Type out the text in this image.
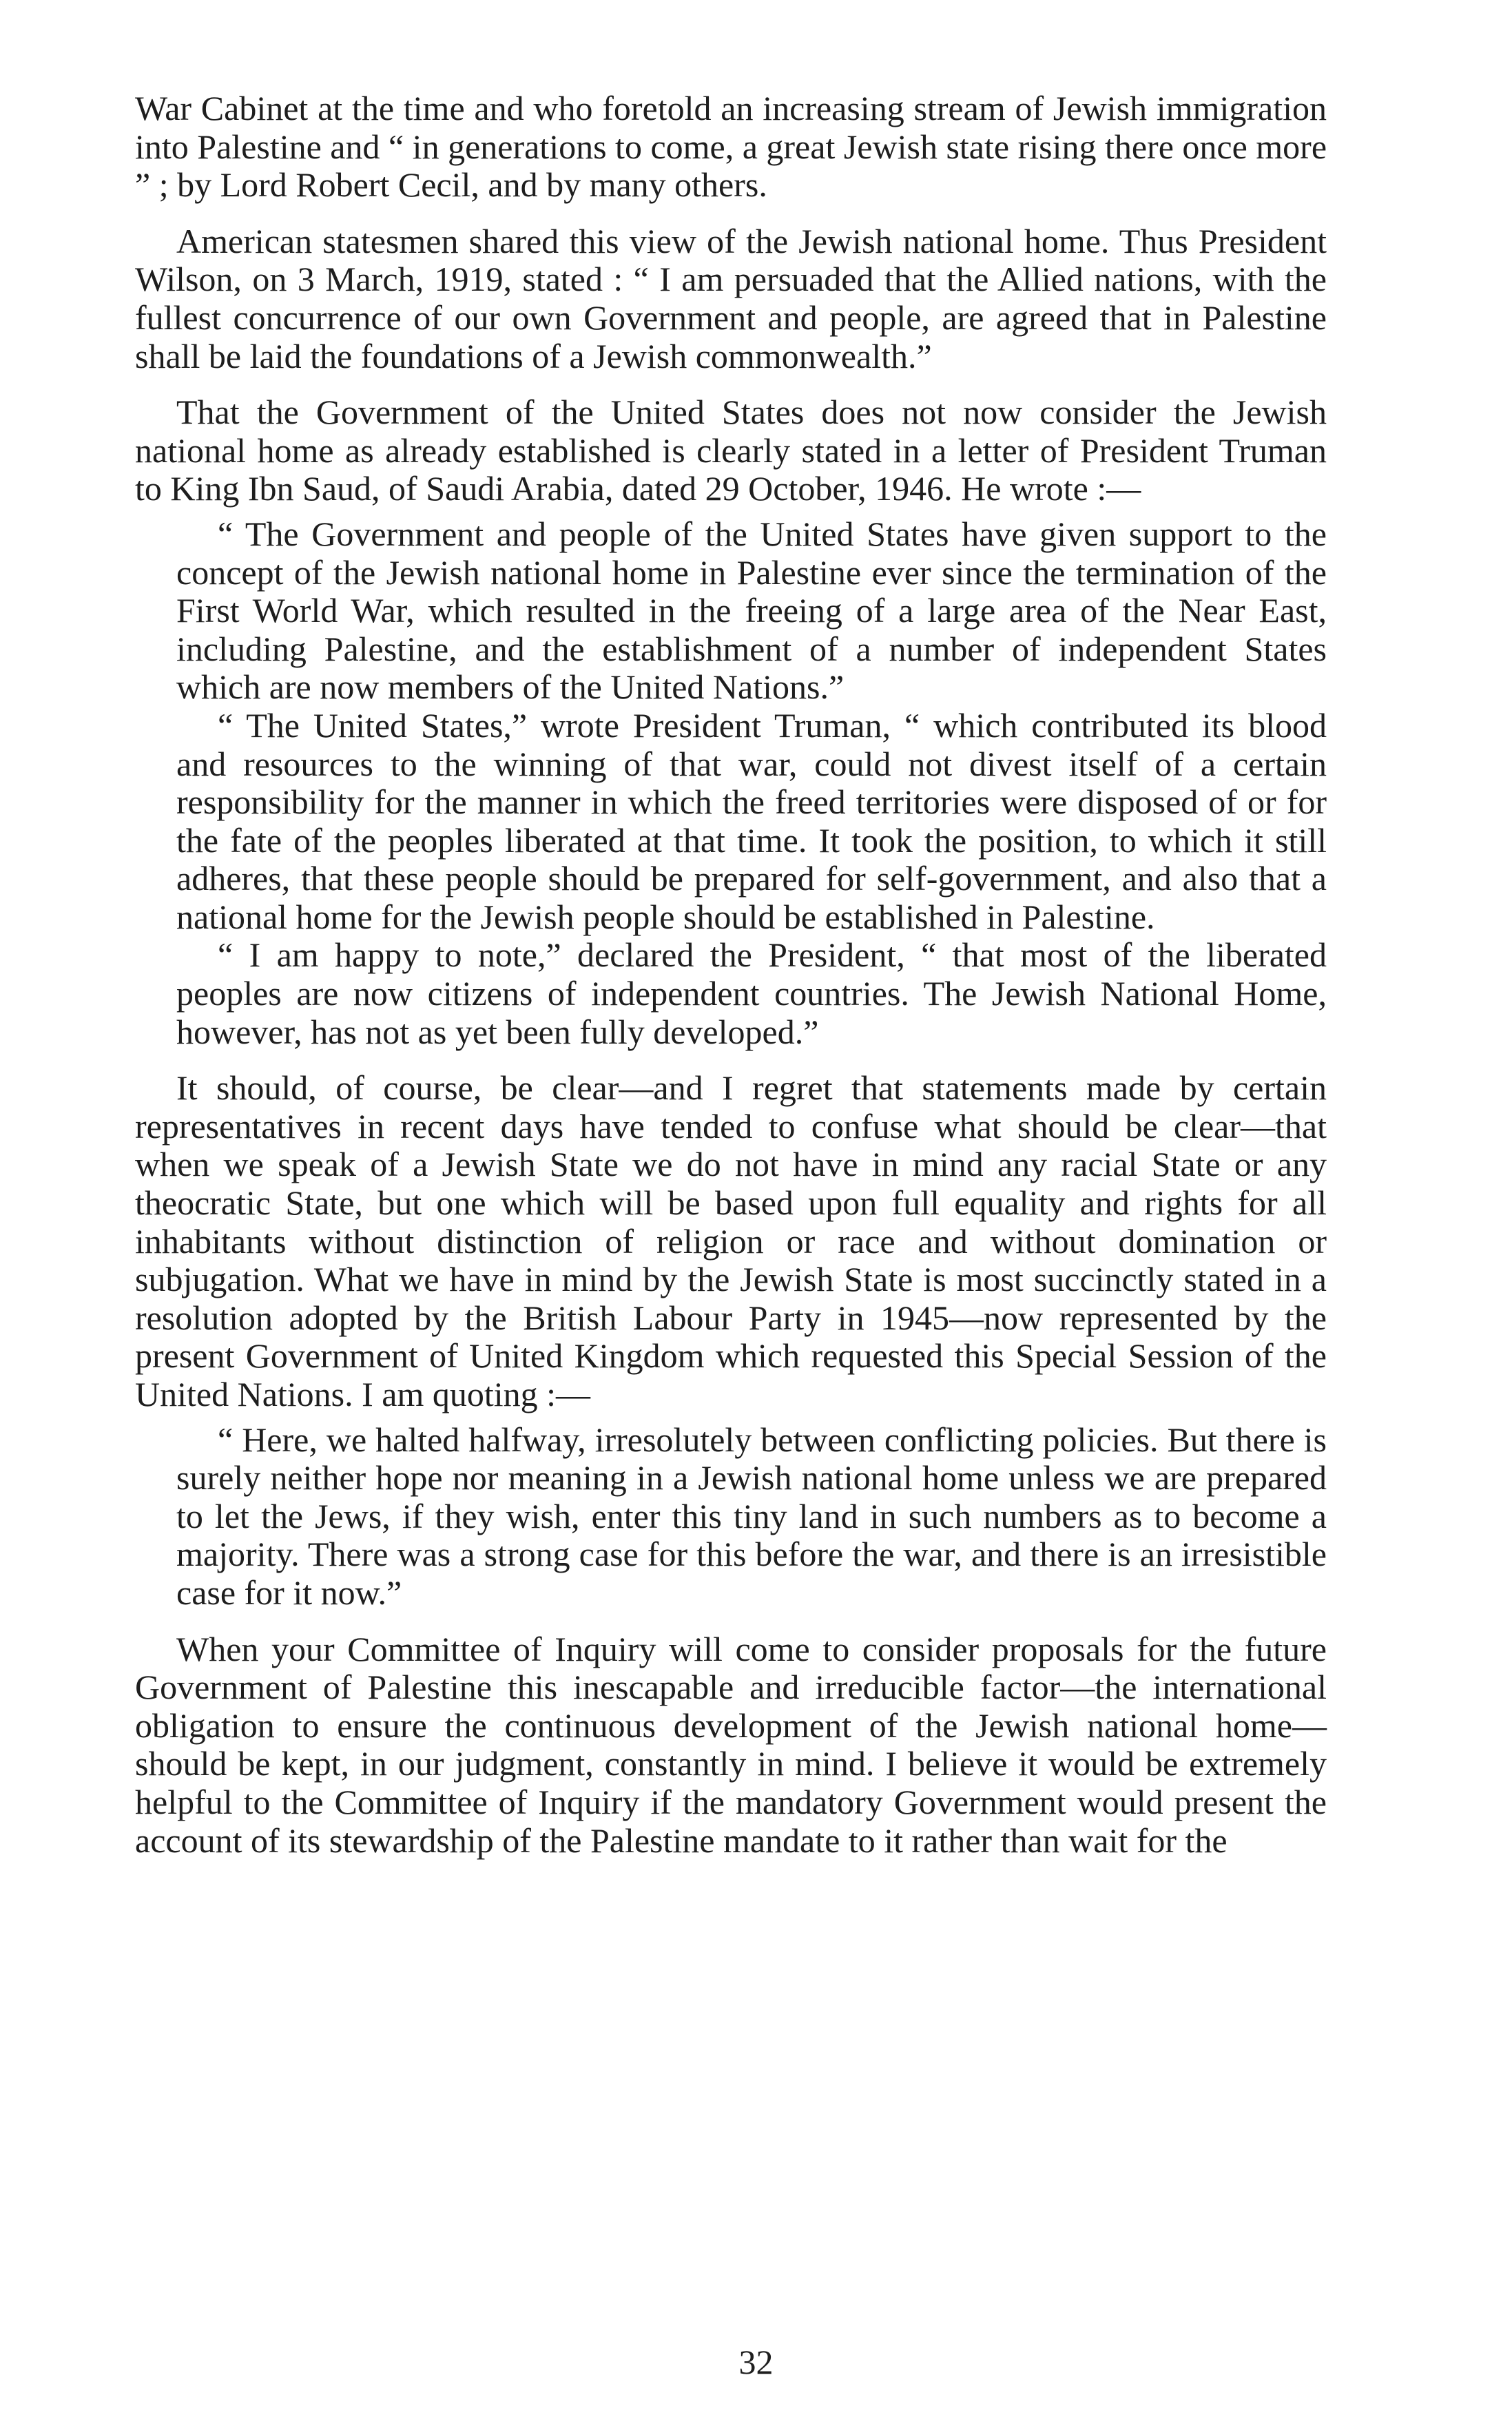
War Cabinet at the time and who foretold an increasing stream of Jewish immigration into Palestine and “ in generations to come, a great Jewish state rising there once more ” ; by Lord Robert Cecil, and by many others.

American statesmen shared this view of the Jewish national home. Thus President Wilson, on 3 March, 1919, stated : “ I am persuaded that the Allied nations, with the fullest concurrence of our own Government and people, are agreed that in Palestine shall be laid the foundations of a Jewish commonwealth.”

That the Government of the United States does not now consider the Jewish national home as already established is clearly stated in a letter of President Truman to King Ibn Saud, of Saudi Arabia, dated 29 October, 1946. He wrote :—

“ The Government and people of the United States have given support to the concept of the Jewish national home in Palestine ever since the termination of the First World War, which resulted in the freeing of a large area of the Near East, including Palestine, and the establishment of a number of independent States which are now members of the United Nations.”

“ The United States,” wrote President Truman, “ which contributed its blood and resources to the winning of that war, could not divest itself of a certain responsibility for the manner in which the freed territories were disposed of or for the fate of the peoples liberated at that time. It took the position, to which it still adheres, that these people should be prepared for self-government, and also that a national home for the Jewish people should be established in Palestine.

“ I am happy to note,” declared the President, “ that most of the liberated peoples are now citizens of independent countries. The Jewish National Home, however, has not as yet been fully developed.”

It should, of course, be clear—and I regret that statements made by certain representatives in recent days have tended to confuse what should be clear—that when we speak of a Jewish State we do not have in mind any racial State or any theocratic State, but one which will be based upon full equality and rights for all inhabitants without distinction of religion or race and without domination or subjugation. What we have in mind by the Jewish State is most succinctly stated in a resolution adopted by the British Labour Party in 1945—now represented by the present Government of United Kingdom which requested this Special Session of the United Nations. I am quoting :—

“ Here, we halted halfway, irresolutely between conflicting policies. But there is surely neither hope nor meaning in a Jewish national home unless we are prepared to let the Jews, if they wish, enter this tiny land in such numbers as to become a majority. There was a strong case for this before the war, and there is an irresistible case for it now.”

When your Committee of Inquiry will come to consider proposals for the future Government of Palestine this inescapable and irreducible factor—the international obligation to ensure the continuous development of the Jewish national home—should be kept, in our judgment, constantly in mind. I believe it would be extremely helpful to the Committee of Inquiry if the mandatory Government would present the account of its stewardship of the Palestine mandate to it rather than wait for the

32
